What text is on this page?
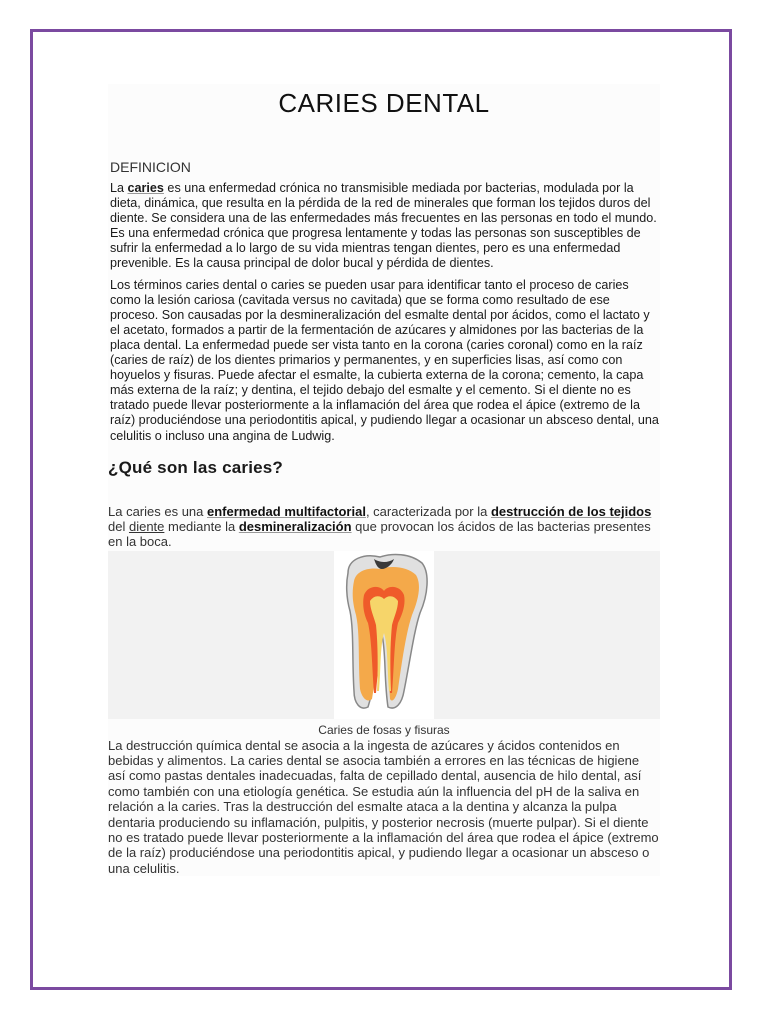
CARIES DENTAL
DEFINICION

La caries es una enfermedad crónica no transmisible mediada por bacterias, modulada por la dieta, dinámica, que resulta en la pérdida de la red de minerales que forman los tejidos duros del diente. Se considera una de las enfermedades más frecuentes en las personas en todo el mundo. Es una enfermedad crónica que progresa lentamente y todas las personas son susceptibles de sufrir la enfermedad a lo largo de su vida mientras tengan dientes, pero es una enfermedad prevenible. Es la causa principal de dolor bucal y pérdida de dientes.

Los términos caries dental o caries se pueden usar para identificar tanto el proceso de caries como la lesión cariosa (cavitada versus no cavitada) que se forma como resultado de ese proceso. Son causadas por la desmineralización del esmalte dental por ácidos, como el lactato y el acetato, formados a partir de la fermentación de azúcares y almidones por las bacterias de la placa dental. La enfermedad puede ser vista tanto en la corona (caries coronal) como en la raíz (caries de raíz) de los dientes primarios y permanentes, y en superficies lisas, así como con hoyuelos y fisuras. Puede afectar el esmalte, la cubierta externa de la corona; cemento, la capa más externa de la raíz; y dentina, el tejido debajo del esmalte y el cemento. Si el diente no es tratado puede llevar posteriormente a la inflamación del área que rodea el ápice (extremo de la raíz) produciéndose una periodontitis apical, y pudiendo llegar a ocasionar un absceso dental, una celulitis o incluso una angina de Ludwig.

¿Qué son las caries?

La caries es una enfermedad multifactorial, caracterizada por la destrucción de los tejidos del diente mediante la desmineralización que provocan los ácidos de las bacterias presentes en la boca.

Caries de fosas y fisuras

La destrucción química dental se asocia a la ingesta de azúcares y ácidos contenidos en bebidas y alimentos. La caries dental se asocia también a errores en las técnicas de higiene así como pastas dentales inadecuadas, falta de cepillado dental, ausencia de hilo dental, así como también con una etiología genética. Se estudia aún la influencia del pH de la saliva en relación a la caries. Tras la destrucción del esmalte ataca a la dentina y alcanza la pulpa dentaria produciendo su inflamación, pulpitis, y posterior necrosis (muerte pulpar). Si el diente no es tratado puede llevar posteriormente a la inflamación del área que rodea el ápice (extremo de la raíz) produciéndose una periodontitis apical, y pudiendo llegar a ocasionar un absceso o una celulitis.
